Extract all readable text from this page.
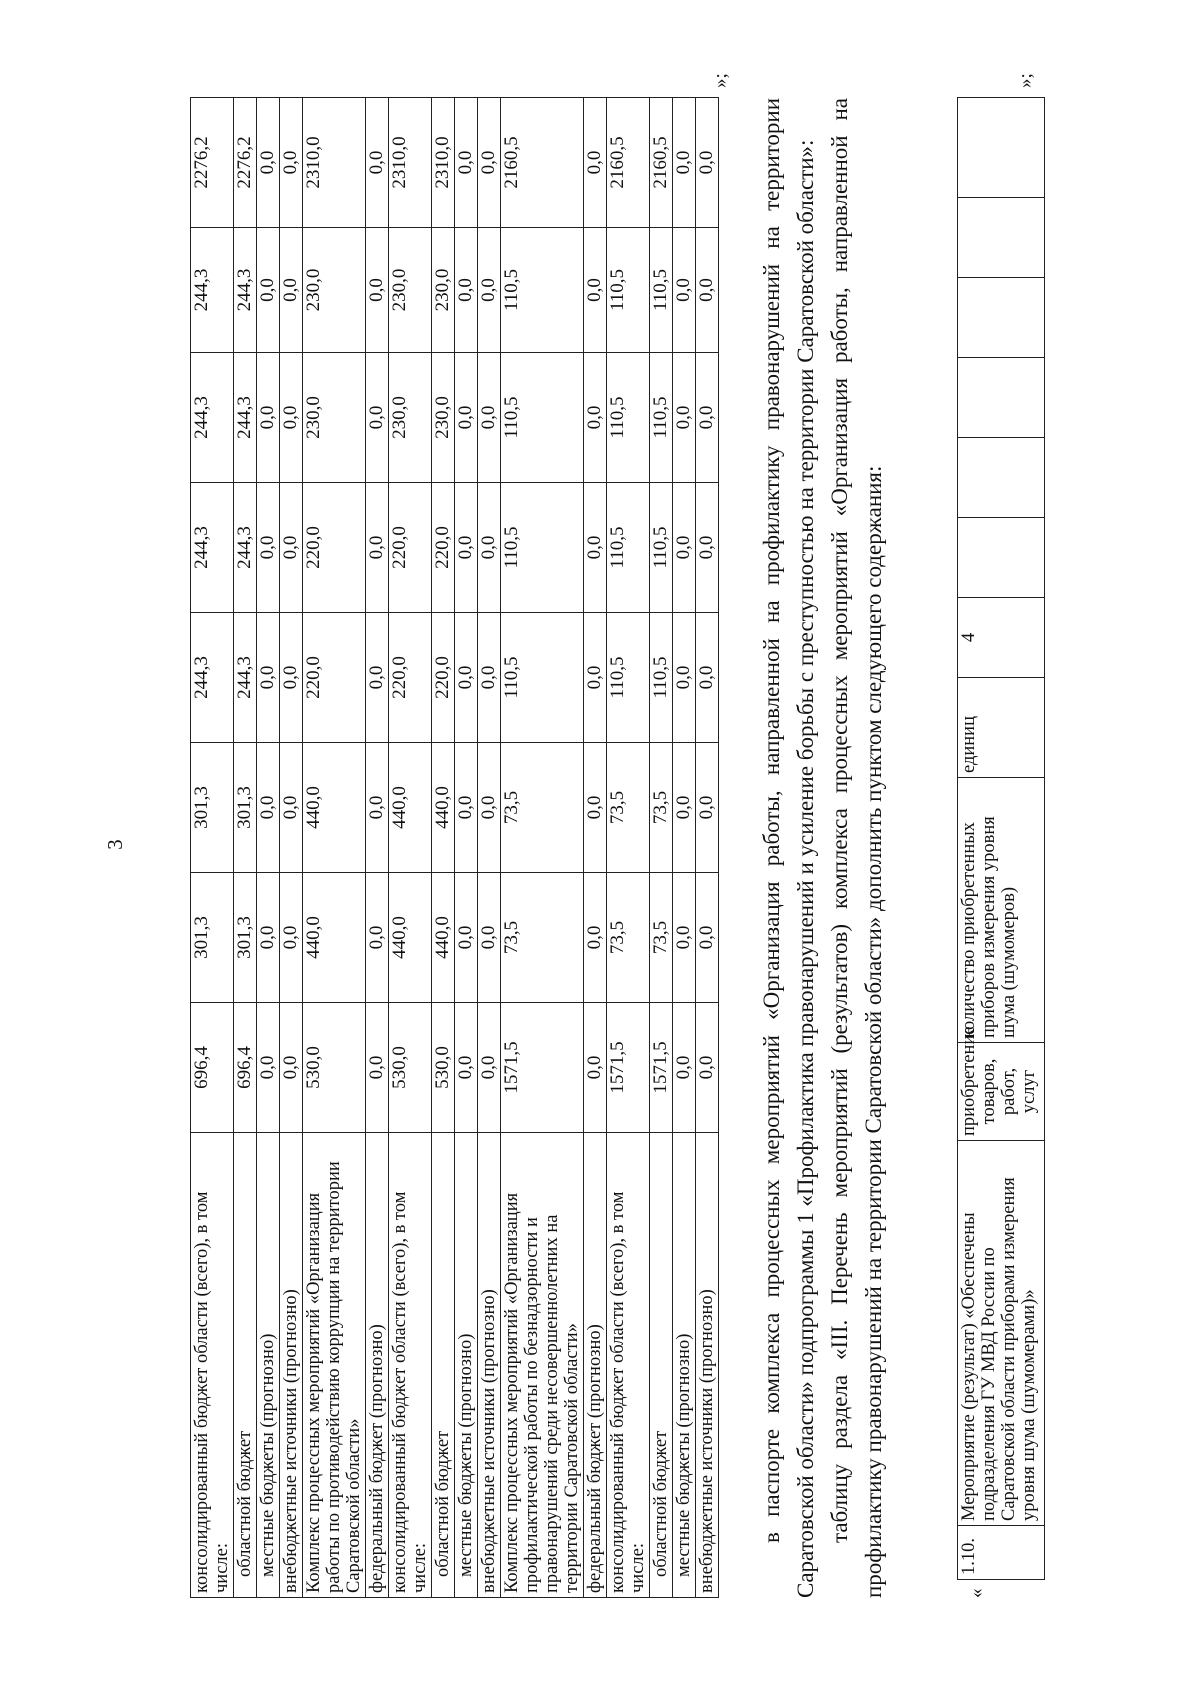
3
консолидированный бюджет области (всего), в том числе:	696,4	301,3	301,3	244,3	244,3	244,3	244,3	2276,2
областной бюджет	696,4	301,3	301,3	244,3	244,3	244,3	244,3	2276,2
местные бюджеты (прогнозно)	0,0	0,0	0,0	0,0	0,0	0,0	0,0	0,0
внебюджетные источники (прогнозно)	0,0	0,0	0,0	0,0	0,0	0,0	0,0	0,0
Комплекс процессных мероприятий «Организация работы по противодействию коррупции на территории Саратовской области»	530,0	440,0	440,0	220,0	220,0	230,0	230,0	2310,0
федеральный бюджет (прогнозно)	0,0	0,0	0,0	0,0	0,0	0,0	0,0	0,0
консолидированный бюджет области (всего), в том числе:	530,0	440,0	440,0	220,0	220,0	230,0	230,0	2310,0
областной бюджет	530,0	440,0	440,0	220,0	220,0	230,0	230,0	2310,0
местные бюджеты (прогнозно)	0,0	0,0	0,0	0,0	0,0	0,0	0,0	0,0
внебюджетные источники (прогнозно)	0,0	0,0	0,0	0,0	0,0	0,0	0,0	0,0
Комплекс процессных мероприятий «Организация профилактической работы по безнадзорности и правонарушений среди несовершеннолетних на территории Саратовской области»	1571,5	73,5	73,5	110,5	110,5	110,5	110,5	2160,5
федеральный бюджет (прогнозно)	0,0	0,0	0,0	0,0	0,0	0,0	0,0	0,0
консолидированный бюджет области (всего), в том числе:	1571,5	73,5	73,5	110,5	110,5	110,5	110,5	2160,5
областной бюджет	1571,5	73,5	73,5	110,5	110,5	110,5	110,5	2160,5
местные бюджеты (прогнозно)	0,0	0,0	0,0	0,0	0,0	0,0	0,0	0,0
внебюджетные источники (прогнозно)	0,0	0,0	0,0	0,0	0,0	0,0	0,0	0,0
»;

в паспорте комплекса процессных мероприятий «Организация работы, направленной на профилактику правонарушений на территории Саратовской области» подпрограммы 1 «Профилактика правонарушений и усиление борьбы с преступностью на территории Саратовской области»: таблицу раздела «III. Перечень мероприятий (результатов) комплекса процессных мероприятий «Организация работы, направленной на профилактику правонарушений на территории Саратовской области» дополнить пунктом следующего содержания:	«
1.10.	Мероприятие (результат) «Обеспечены подразделения ГУ МВД России по Саратовской области приборами измерения уровня шума (шумомерами)»	приобретение товаров, работ, услуг	количество приобретенных приборов измерения уровня шума (шумомеров)	единиц	4						
»;
